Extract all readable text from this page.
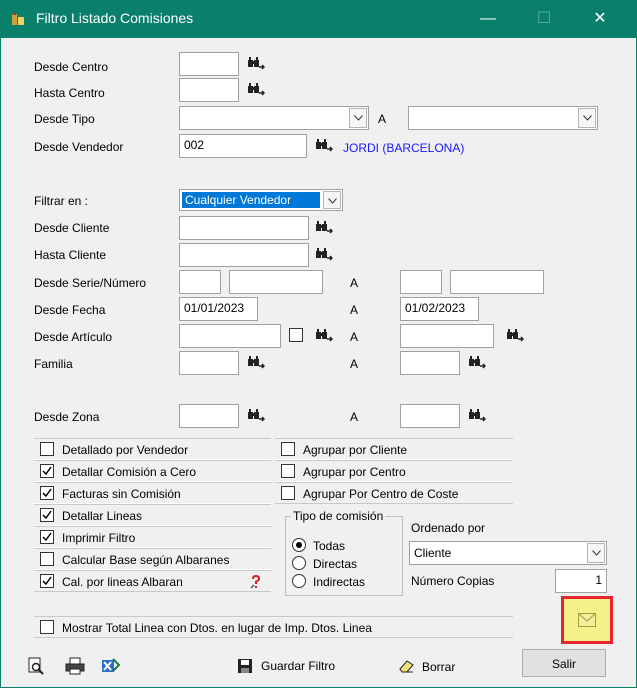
Filtro Listado Comisiones	—	☐	✕
Desde Centro
Hasta Centro
Desde Tipo	A
Desde Vendedor	002	JORDI (BARCELONA)
Filtrar en :	Cualquier Vendedor
Desde Cliente
Hasta Cliente
Desde Serie/Número	A
Desde Fecha	01/01/2023	A	01/02/2023
Desde Artículo	A
Familia	A
Desde Zona	A
Detallado por Vendedor
Detallar Comisión a Cero
Facturas sin Comisión
Detallar Lineas
Imprimir Filtro
Calcular Base según Albaranes
Cal. por lineas Albaran
Agrupar por Cliente
Agrupar por Centro
Agrupar Por Centro de Coste
Tipo de comisión
Todas
Directas
Indirectas
Ordenado por
Cliente
Número Copias	1
Mostrar Total Linea con Dtos. en lugar de Imp. Dtos. Linea
Guardar Filtro	Borrar	Salir
